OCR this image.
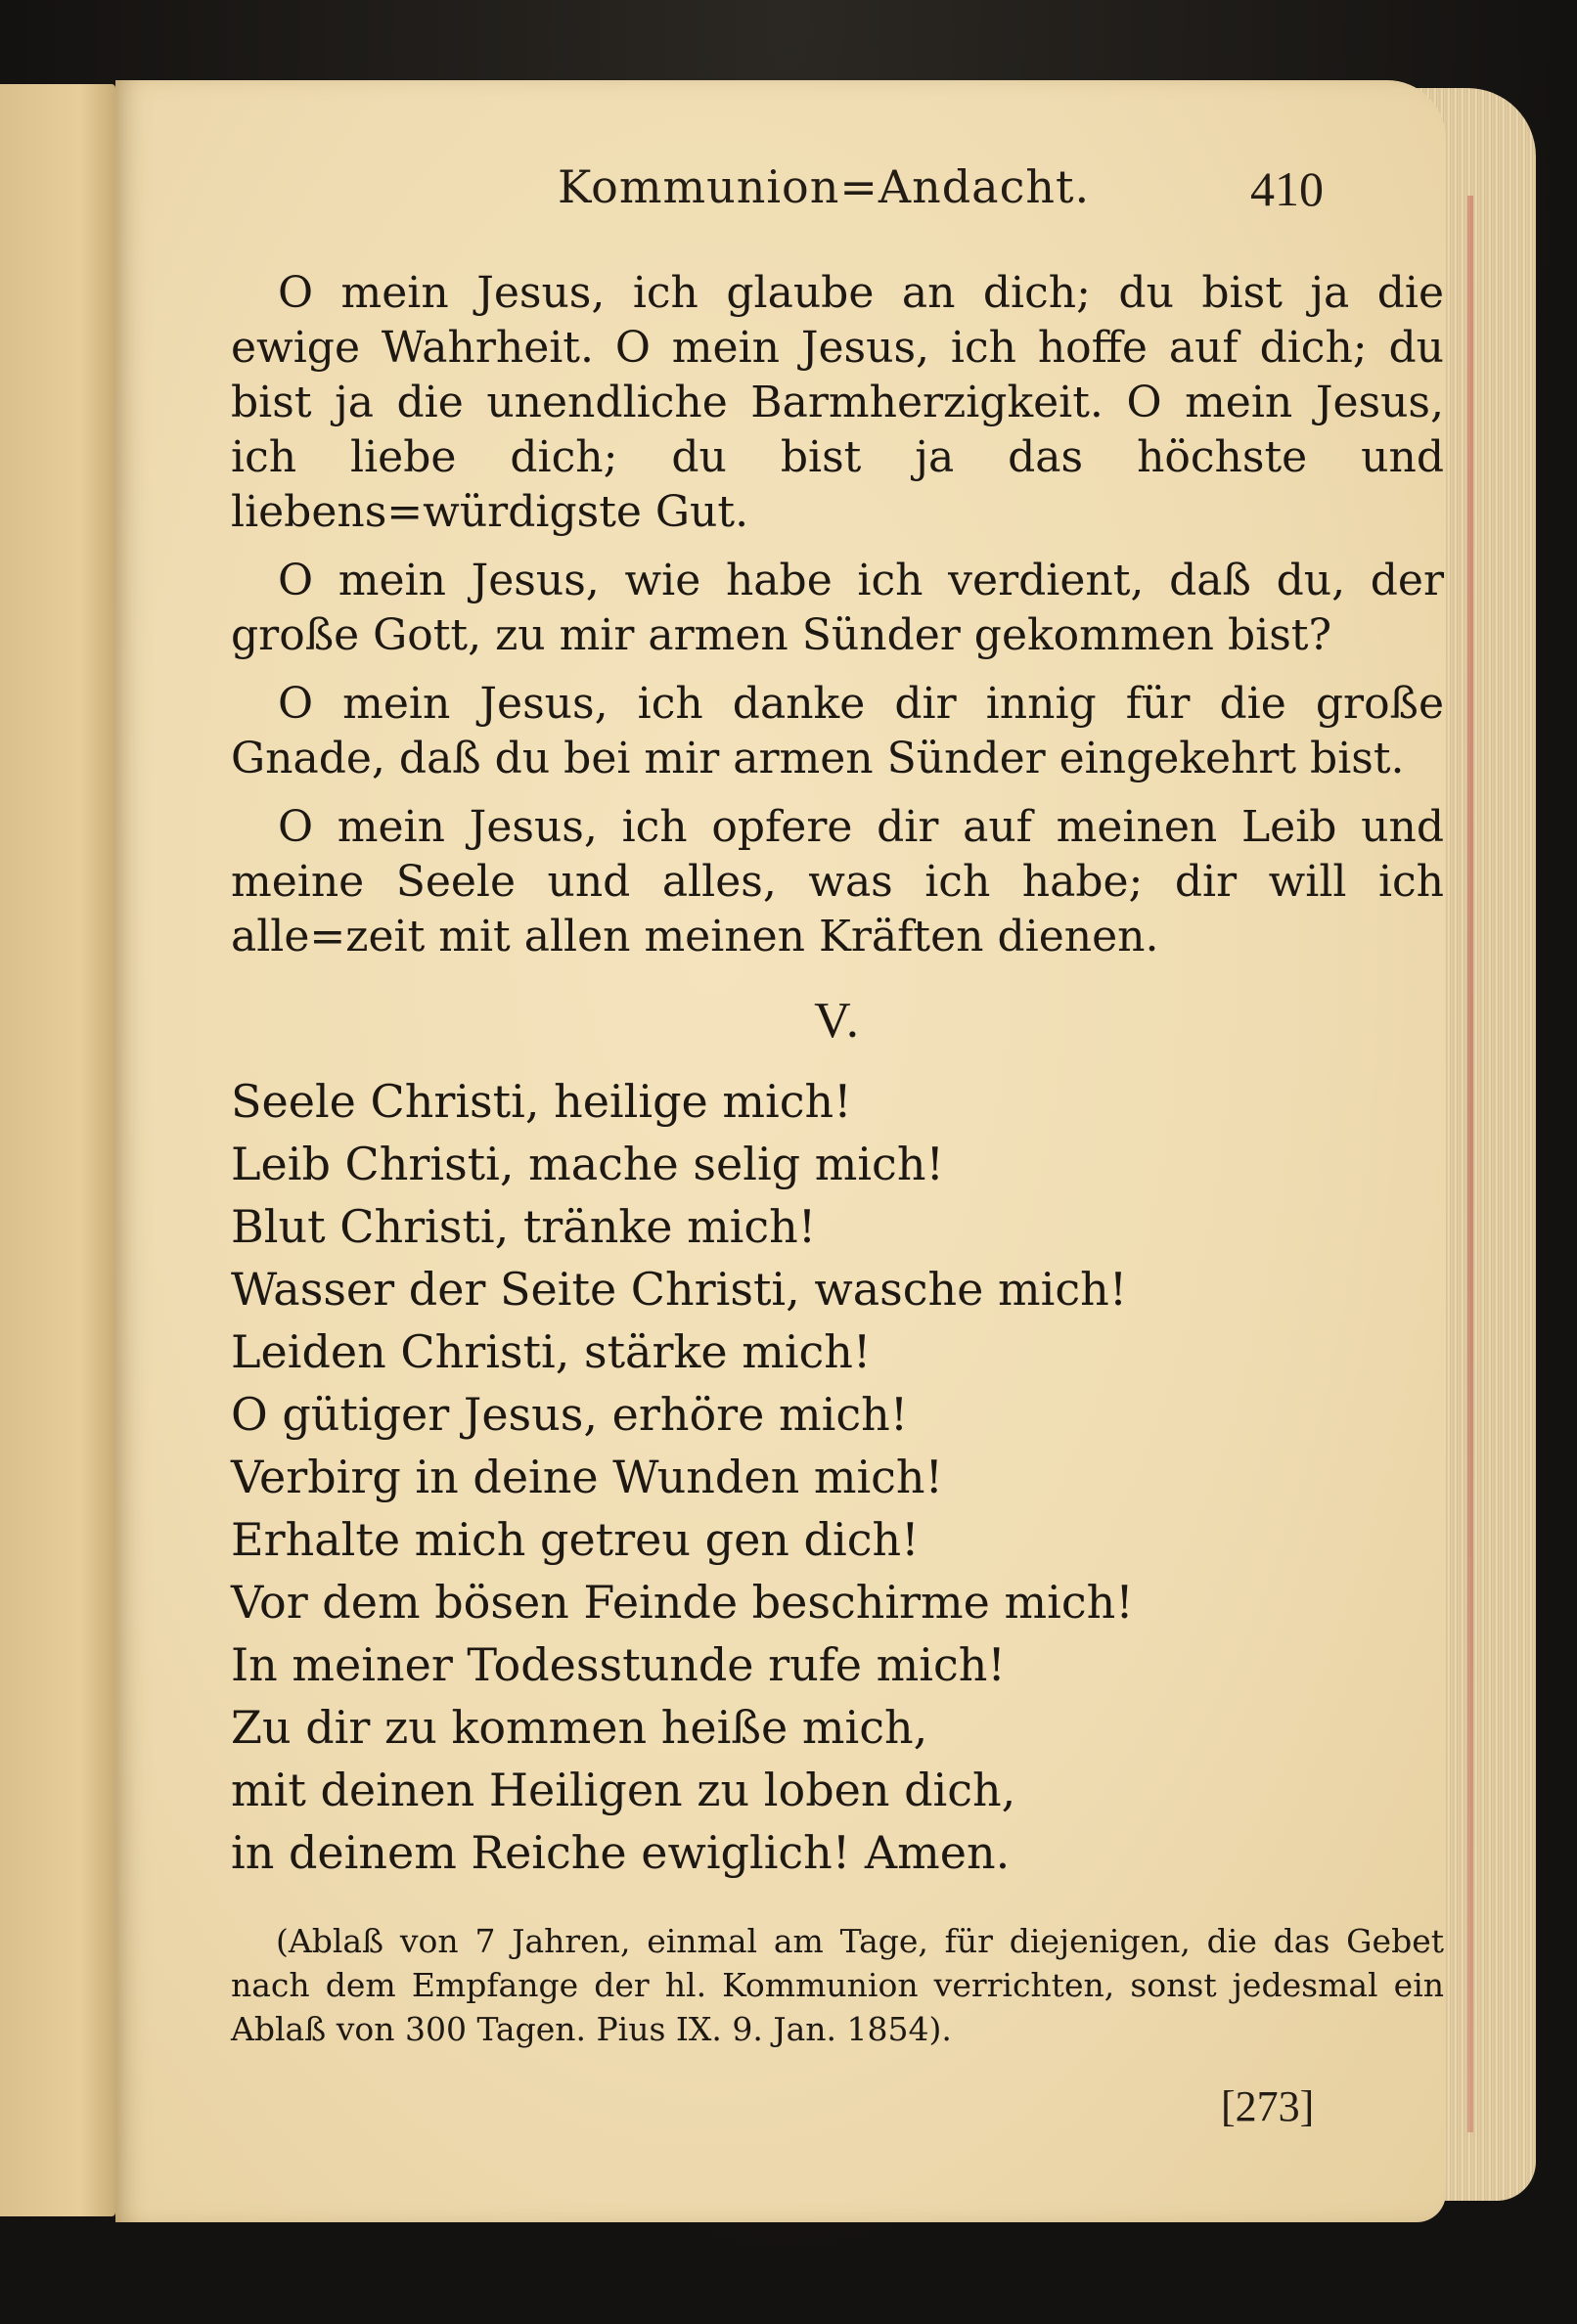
Kommunion=Andacht.	410

O mein Jesus, ich glaube an dich; du bist ja die ewige Wahrheit. O mein Jesus, ich hoffe auf dich; du bist ja die unendliche Barmherzigkeit. O mein Jesus, ich liebe dich; du bist ja das höchste und liebens=würdigste Gut.

O mein Jesus, wie habe ich verdient, daß du, der große Gott, zu mir armen Sünder gekommen bist?

O mein Jesus, ich danke dir innig für die große Gnade, daß du bei mir armen Sünder eingekehrt bist.

O mein Jesus, ich opfere dir auf meinen Leib und meine Seele und alles, was ich habe; dir will ich alle=zeit mit allen meinen Kräften dienen.

V.

Seele Christi, heilige mich!

Leib Christi, mache selig mich!

Blut Christi, tränke mich!

Wasser der Seite Christi, wasche mich!

Leiden Christi, stärke mich!

O gütiger Jesus, erhöre mich!

Verbirg in deine Wunden mich!

Erhalte mich getreu gen dich!

Vor dem bösen Feinde beschirme mich!

In meiner Todesstunde rufe mich!

Zu dir zu kommen heiße mich,

mit deinen Heiligen zu loben dich,

in deinem Reiche ewiglich! Amen.

(Ablaß von 7 Jahren, einmal am Tage, für diejenigen, die das Gebet nach dem Empfange der hl. Kommunion verrichten, sonst jedesmal ein Ablaß von 300 Tagen. Pius IX. 9. Jan. 1854).

[273]
